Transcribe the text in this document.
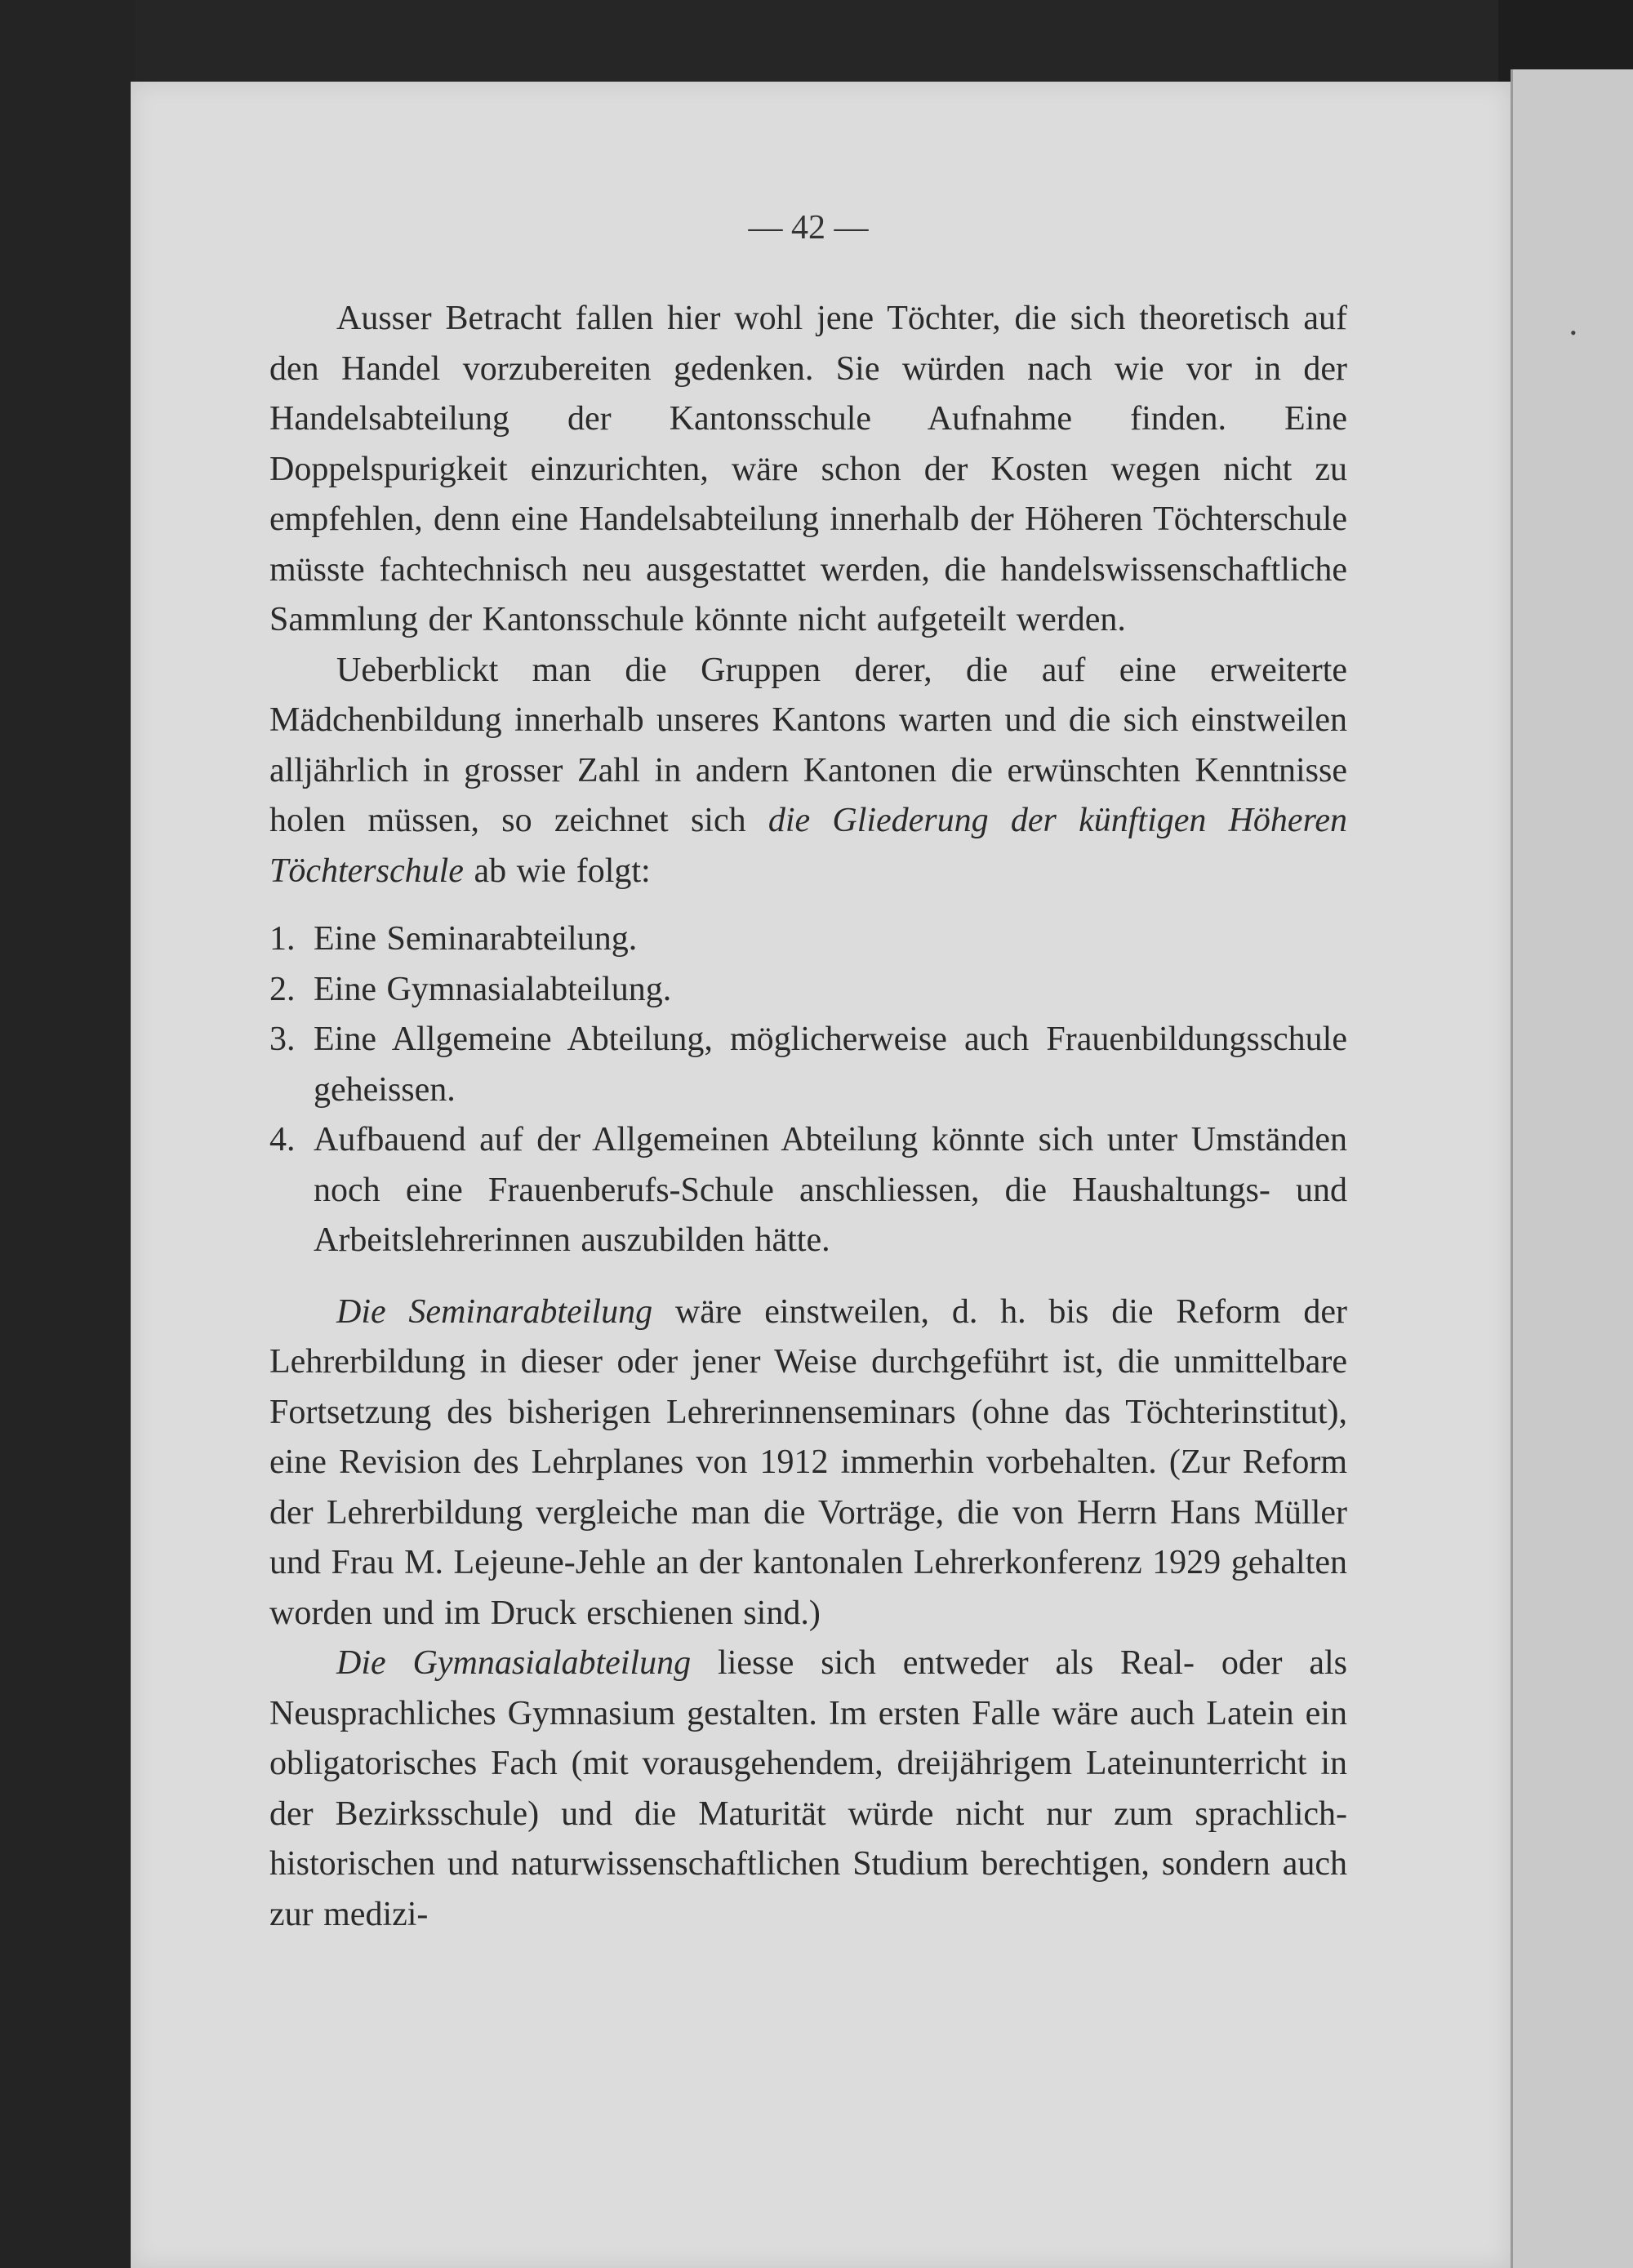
•
— 42 —

Ausser Betracht fallen hier wohl jene Töchter, die sich theoretisch auf den Handel vorzubereiten gedenken. Sie würden nach wie vor in der Handelsabteilung der Kantonsschule Aufnahme finden. Eine Doppelspurigkeit einzurichten, wäre schon der Kosten wegen nicht zu empfehlen, denn eine Handelsabteilung innerhalb der Höheren Töchterschule müsste fachtechnisch neu ausgestattet werden, die handelswissenschaftliche Sammlung der Kantonsschule könnte nicht aufgeteilt werden.

Ueberblickt man die Gruppen derer, die auf eine erweiterte Mädchenbildung innerhalb unseres Kantons warten und die sich einstweilen alljährlich in grosser Zahl in andern Kantonen die erwünschten Kenntnisse holen müssen, so zeichnet sich die Gliederung der künftigen Höheren Töchterschule ab wie folgt:

1. Eine Seminarabteilung.
2. Eine Gymnasialabteilung.
3. Eine Allgemeine Abteilung, möglicherweise auch Frauenbildungsschule geheissen.
4. Aufbauend auf der Allgemeinen Abteilung könnte sich unter Umständen noch eine Frauenberufs-Schule anschliessen, die Haushaltungs- und Arbeitslehrerinnen auszubilden hätte.

Die Seminarabteilung wäre einstweilen, d. h. bis die Reform der Lehrerbildung in dieser oder jener Weise durchgeführt ist, die unmittelbare Fortsetzung des bisherigen Lehrerinnenseminars (ohne das Töchterinstitut), eine Revision des Lehrplanes von 1912 immerhin vorbehalten. (Zur Reform der Lehrerbildung vergleiche man die Vorträge, die von Herrn Hans Müller und Frau M. Lejeune-Jehle an der kantonalen Lehrerkonferenz 1929 gehalten worden und im Druck erschienen sind.)

Die Gymnasialabteilung liesse sich entweder als Real- oder als Neusprachliches Gymnasium gestalten. Im ersten Falle wäre auch Latein ein obligatorisches Fach (mit vorausgehendem, dreijährigem Lateinunterricht in der Bezirksschule) und die Maturität würde nicht nur zum sprachlich-historischen und naturwissenschaftlichen Studium berechtigen, sondern auch zur medizi-
